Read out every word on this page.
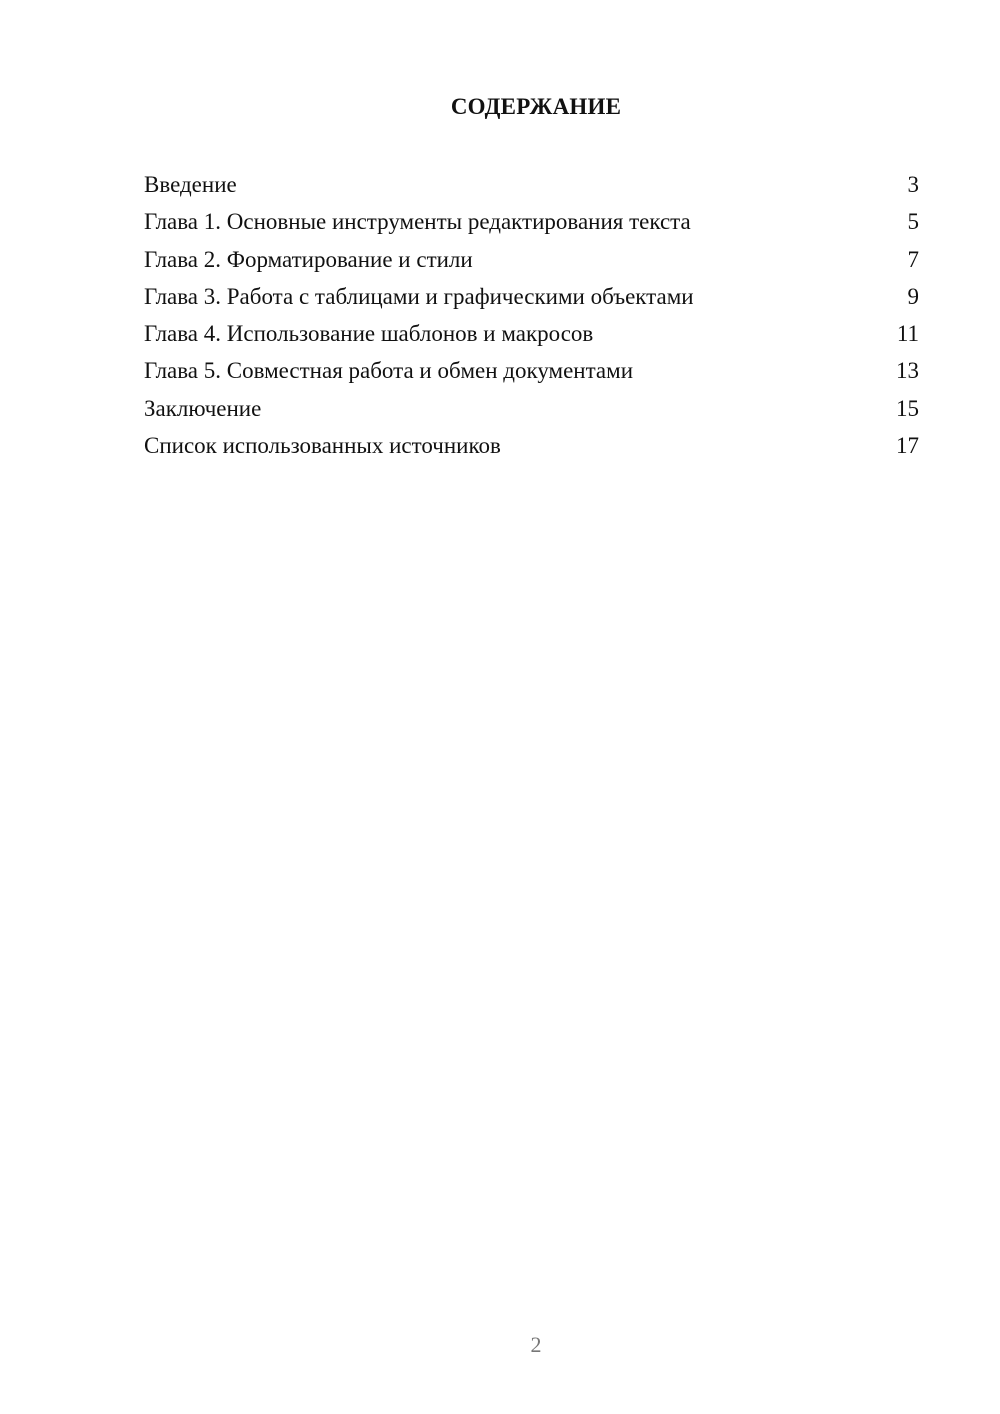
СОДЕРЖАНИЕ
Введение	3
Глава 1. Основные инструменты редактирования текста	5
Глава 2. Форматирование и стили	7
Глава 3. Работа с таблицами и графическими объектами	9
Глава 4. Использование шаблонов и макросов	11
Глава 5. Совместная работа и обмен документами	13
Заключение	15
Список использованных источников	17
2
